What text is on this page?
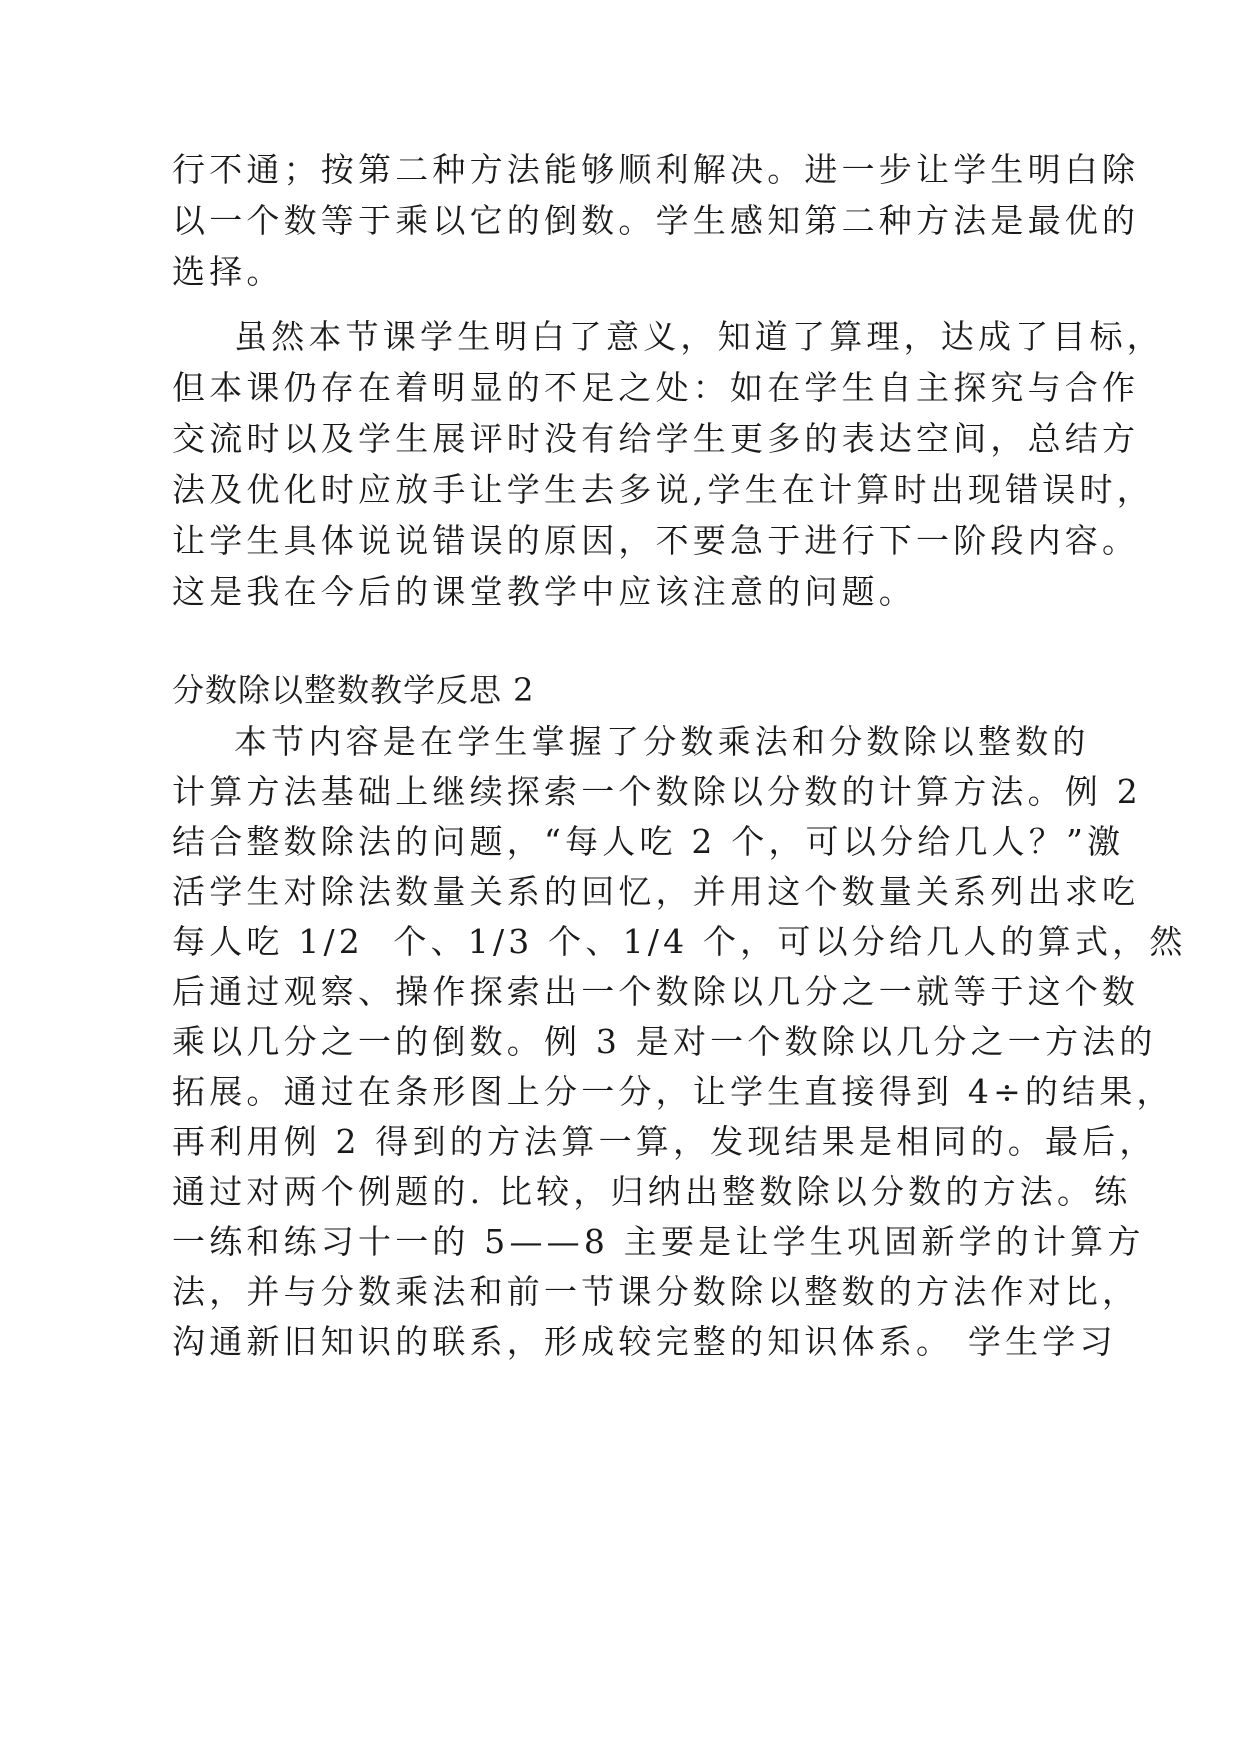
行不通；按第二种方法能够顺利解决。进一步让学生明白除
以一个数等于乘以它的倒数。学生感知第二种方法是最优的
选择。
虽然本节课学生明白了意义，知道了算理，达成了目标，
但本课仍存在着明显的不足之处：如在学生自主探究与合作
交流时以及学生展评时没有给学生更多的表达空间，总结方
法及优化时应放手让学生去多说,学生在计算时出现错误时，
让学生具体说说错误的原因，不要急于进行下一阶段内容。
这是我在今后的课堂教学中应该注意的问题。
分数除以整数教学反思 2
本节内容是在学生掌握了分数乘法和分数除以整数的
计算方法基础上继续探索一个数除以分数的计算方法。例 2
结合整数除法的问题，“每人吃 2 个，可以分给几人？”激
活学生对除法数量关系的回忆，并用这个数量关系列出求吃
每人吃 1/2  个、1/3 个、1/4 个，可以分给几人的算式，然
后通过观察、操作探索出一个数除以几分之一就等于这个数
乘以几分之一的倒数。例 3 是对一个数除以几分之一方法的
拓展。通过在条形图上分一分，让学生直接得到 4÷的结果，
再利用例 2 得到的方法算一算，发现结果是相同的。最后，
通过对两个例题的. 比较，归纳出整数除以分数的方法。练
一练和练习十一的 5——8 主要是让学生巩固新学的计算方
法，并与分数乘法和前一节课分数除以整数的方法作对比，
沟通新旧知识的联系，形成较完整的知识体系。 学生学习
